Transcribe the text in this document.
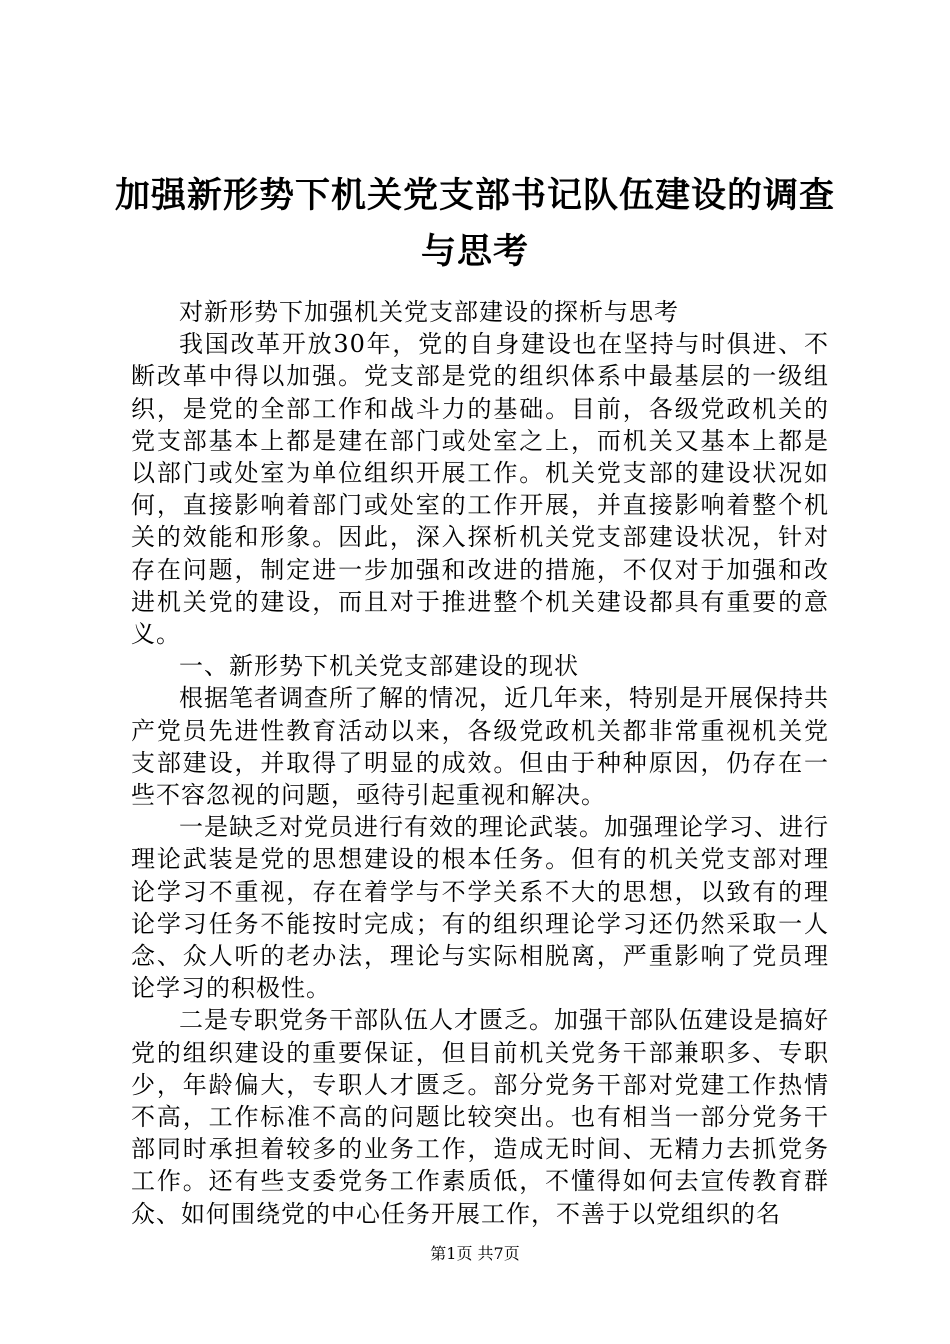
加强新形势下机关党支部书记队伍建设的调查与思考

对新形势下加强机关党支部建设的探析与思考

我国改革开放30年，党的自身建设也在坚持与时俱进、不断改革中得以加强。党支部是党的组织体系中最基层的一级组织，是党的全部工作和战斗力的基础。目前，各级党政机关的党支部基本上都是建在部门或处室之上，而机关又基本上都是以部门或处室为单位组织开展工作。机关党支部的建设状况如何，直接影响着部门或处室的工作开展，并直接影响着整个机关的效能和形象。因此，深入探析机关党支部建设状况，针对存在问题，制定进一步加强和改进的措施，不仅对于加强和改进机关党的建设，而且对于推进整个机关建设都具有重要的意义。

一、新形势下机关党支部建设的现状

根据笔者调查所了解的情况，近几年来，特别是开展保持共产党员先进性教育活动以来，各级党政机关都非常重视机关党支部建设，并取得了明显的成效。但由于种种原因，仍存在一些不容忽视的问题，亟待引起重视和解决。

一是缺乏对党员进行有效的理论武装。加强理论学习、进行理论武装是党的思想建设的根本任务。但有的机关党支部对理论学习不重视，存在着学与不学关系不大的思想，以致有的理论学习任务不能按时完成；有的组织理论学习还仍然采取一人念、众人听的老办法，理论与实际相脱离，严重影响了党员理论学习的积极性。

二是专职党务干部队伍人才匮乏。加强干部队伍建设是搞好党的组织建设的重要保证，但目前机关党务干部兼职多、专职少，年龄偏大，专职人才匮乏。部分党务干部对党建工作热情不高，工作标准不高的问题比较突出。也有相当一部分党务干部同时承担着较多的业务工作，造成无时间、无精力去抓党务工作。还有些支委党务工作素质低，不懂得如何去宣传教育群众、如何围绕党的中心任务开展工作，不善于以党组织的名

第1页 共7页
